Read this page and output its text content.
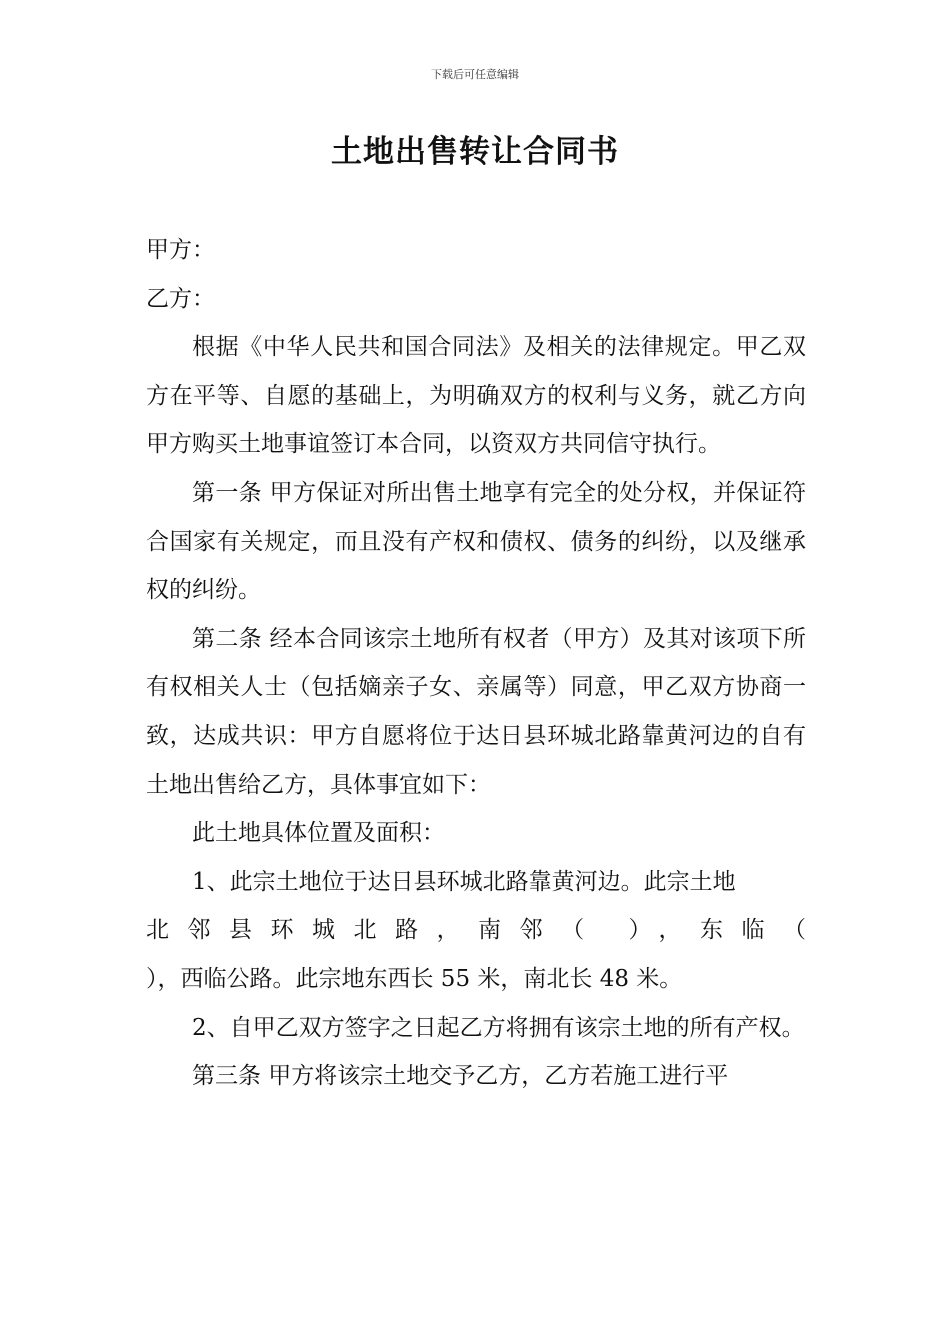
下载后可任意编辑
土地出售转让合同书

甲方：

乙方：

根据《中华人民共和国合同法》及相关的法律规定。甲乙双方在平等、自愿的基础上，为明确双方的权利与义务，就乙方向甲方购买土地事谊签订本合同，以资双方共同信守执行。

第一条 甲方保证对所出售土地享有完全的处分权，并保证符合国家有关规定，而且没有产权和债权、债务的纠纷，以及继承权的纠纷。

第二条 经本合同该宗土地所有权者（甲方）及其对该项下所有权相关人士（包括嫡亲子女、亲属等）同意，甲乙双方协商一致，达成共识：甲方自愿将位于达日县环城北路靠黄河边的自有土地出售给乙方，具体事宜如下：

此土地具体位置及面积：

1、此宗土地位于达日县环城北路靠黄河边。此宗土地

北邻县环城北路，南邻（ ），东临（

），西临公路。此宗地东西长 55 米，南北长 48 米。

2、自甲乙双方签字之日起乙方将拥有该宗土地的所有产权。

第三条 甲方将该宗土地交予乙方，乙方若施工进行平
